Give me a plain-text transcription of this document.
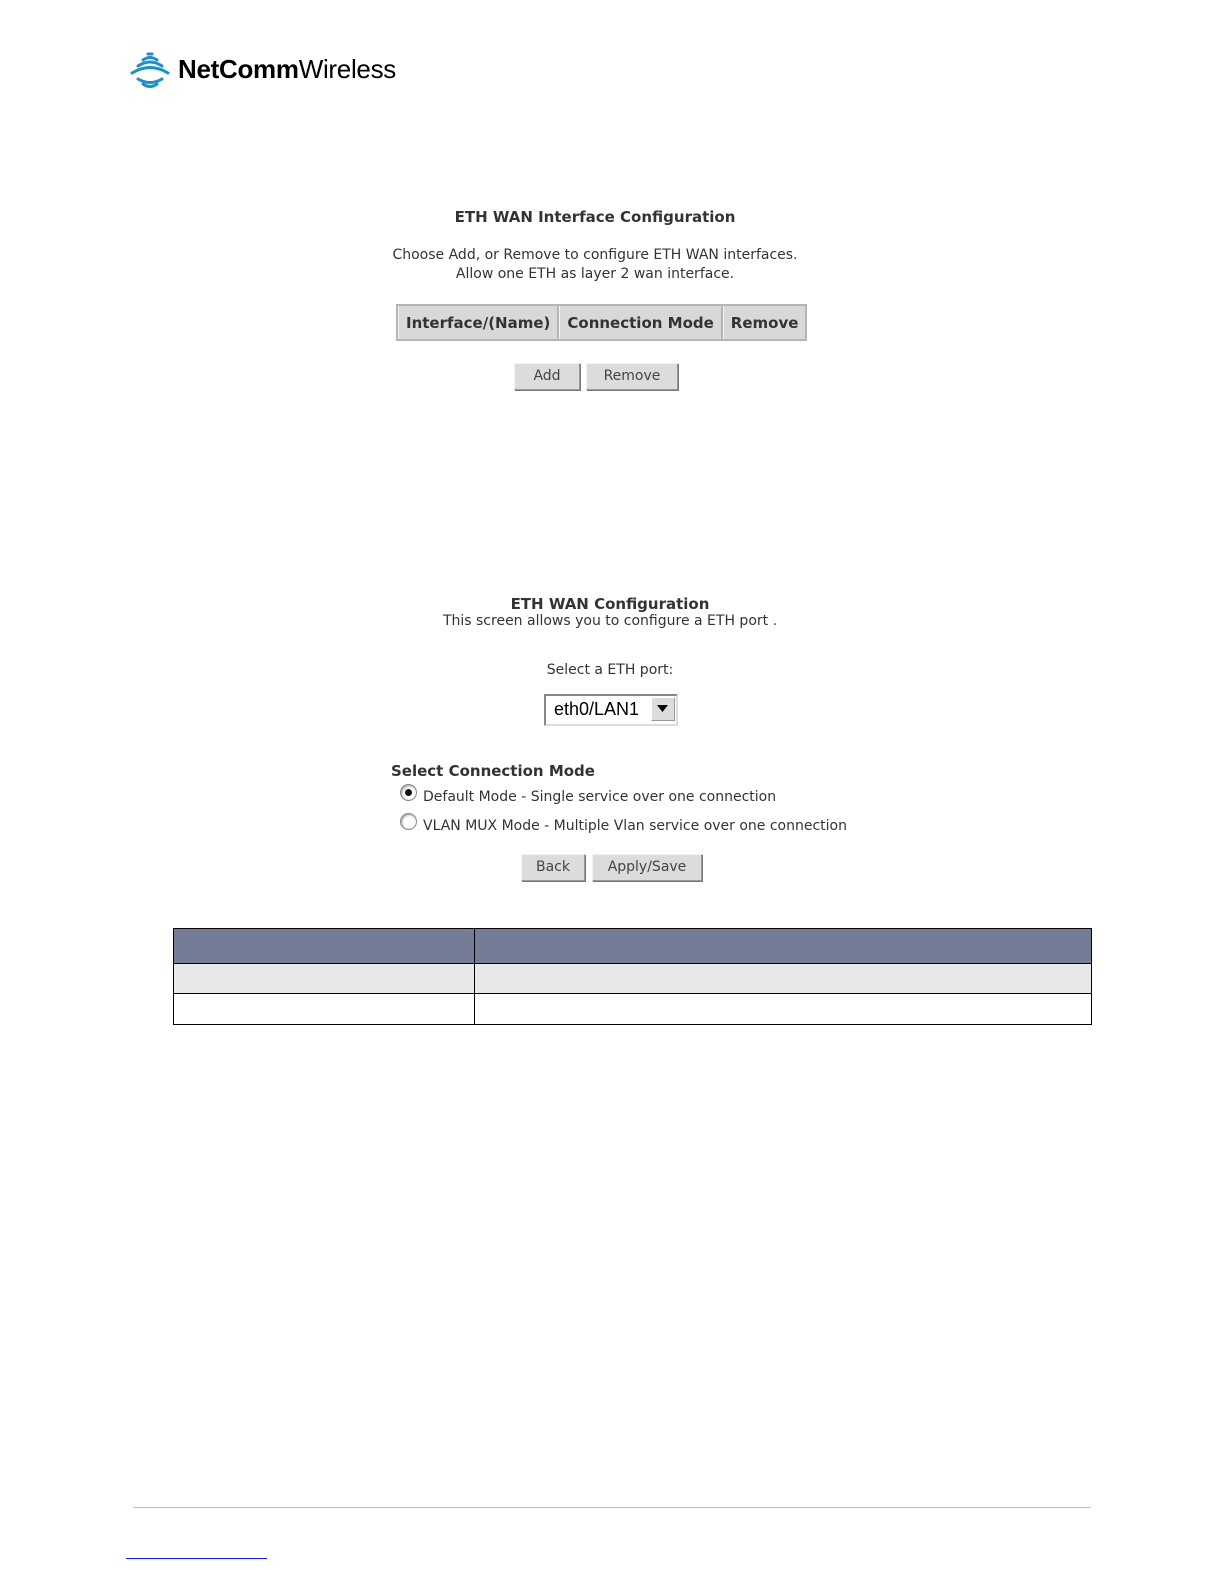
NetCommWireless
ETH WAN Interface Configuration
Choose Add, or Remove to configure ETH WAN interfaces.
Allow one ETH as layer 2 wan interface.
Interface/(Name)	Connection Mode	Remove
Add	Remove
ETH WAN Configuration
This screen allows you to configure a ETH port .
Select a ETH port:
eth0/LAN1
Select Connection Mode
Default Mode - Single service over one connection
VLAN MUX Mode - Multiple Vlan service over one connection
Back	Apply/Save
